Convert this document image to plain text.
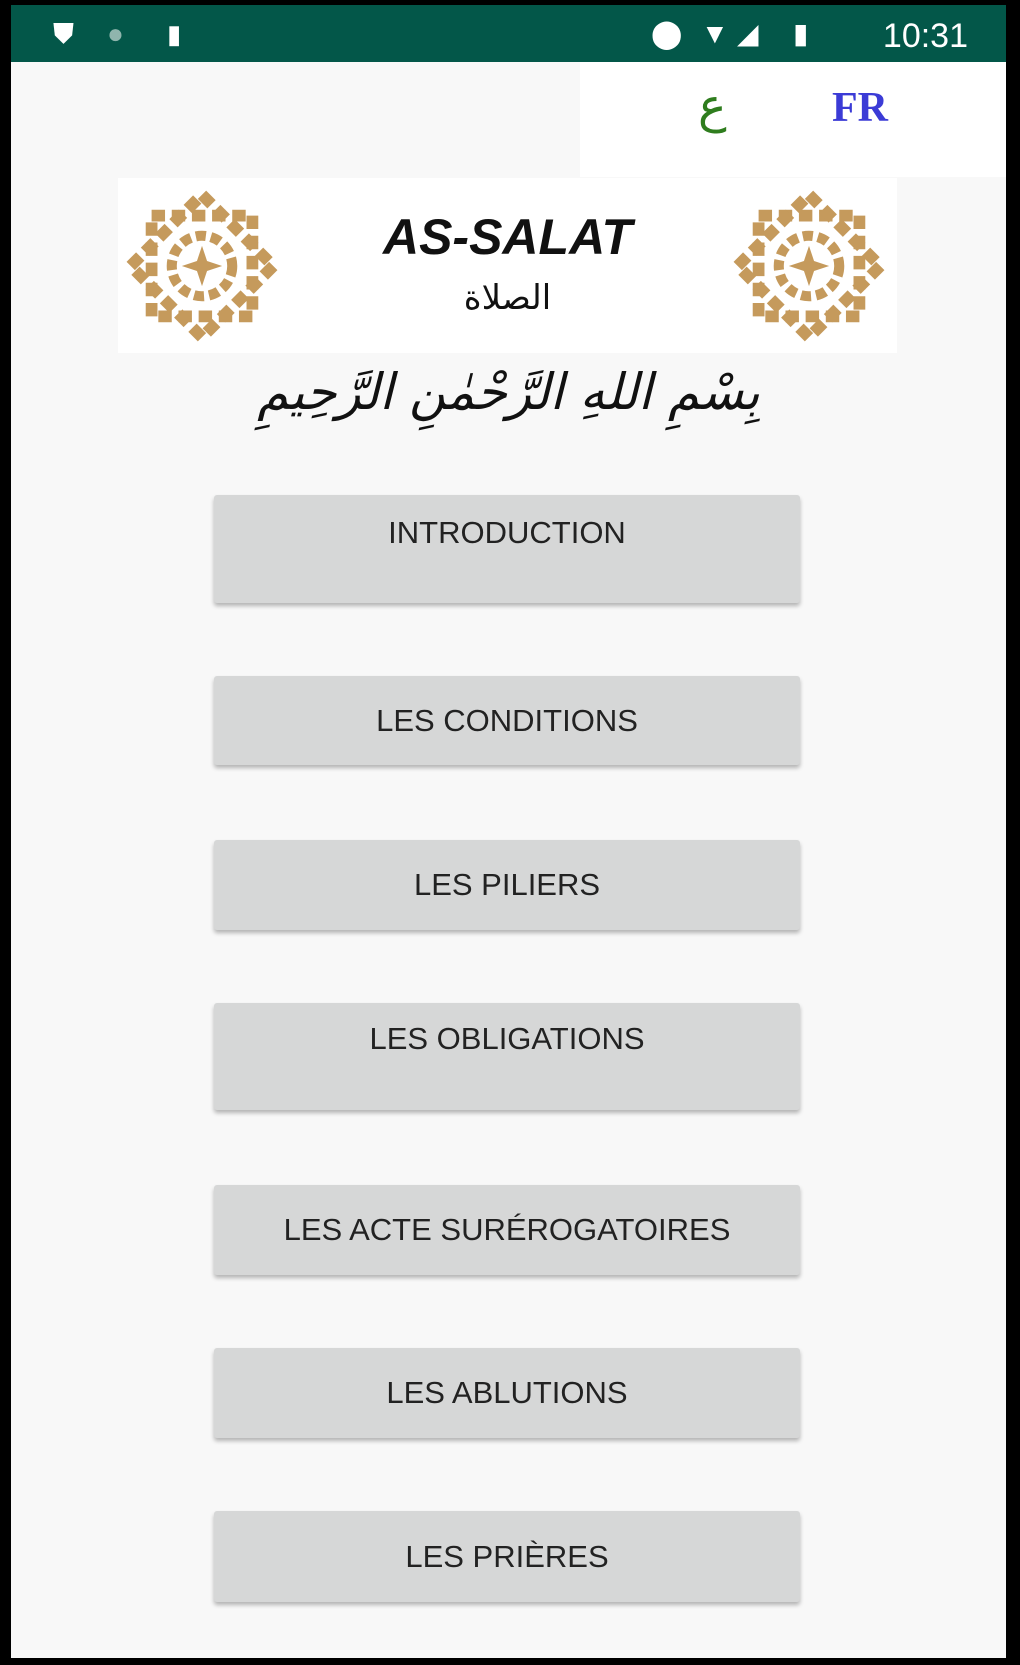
⛊ ● ▮	⬤ ▼ ◢ ▮ 10:31
ع	FR
AS-SALAT
الصلاة
بِسْمِ اللهِ الرَّحْمٰنِ الرَّحِيمِ
INTRODUCTION
LES CONDITIONS
LES PILIERS
LES OBLIGATIONS
LES ACTE SURÉROGATOIRES
LES ABLUTIONS
LES PRIÈRES
